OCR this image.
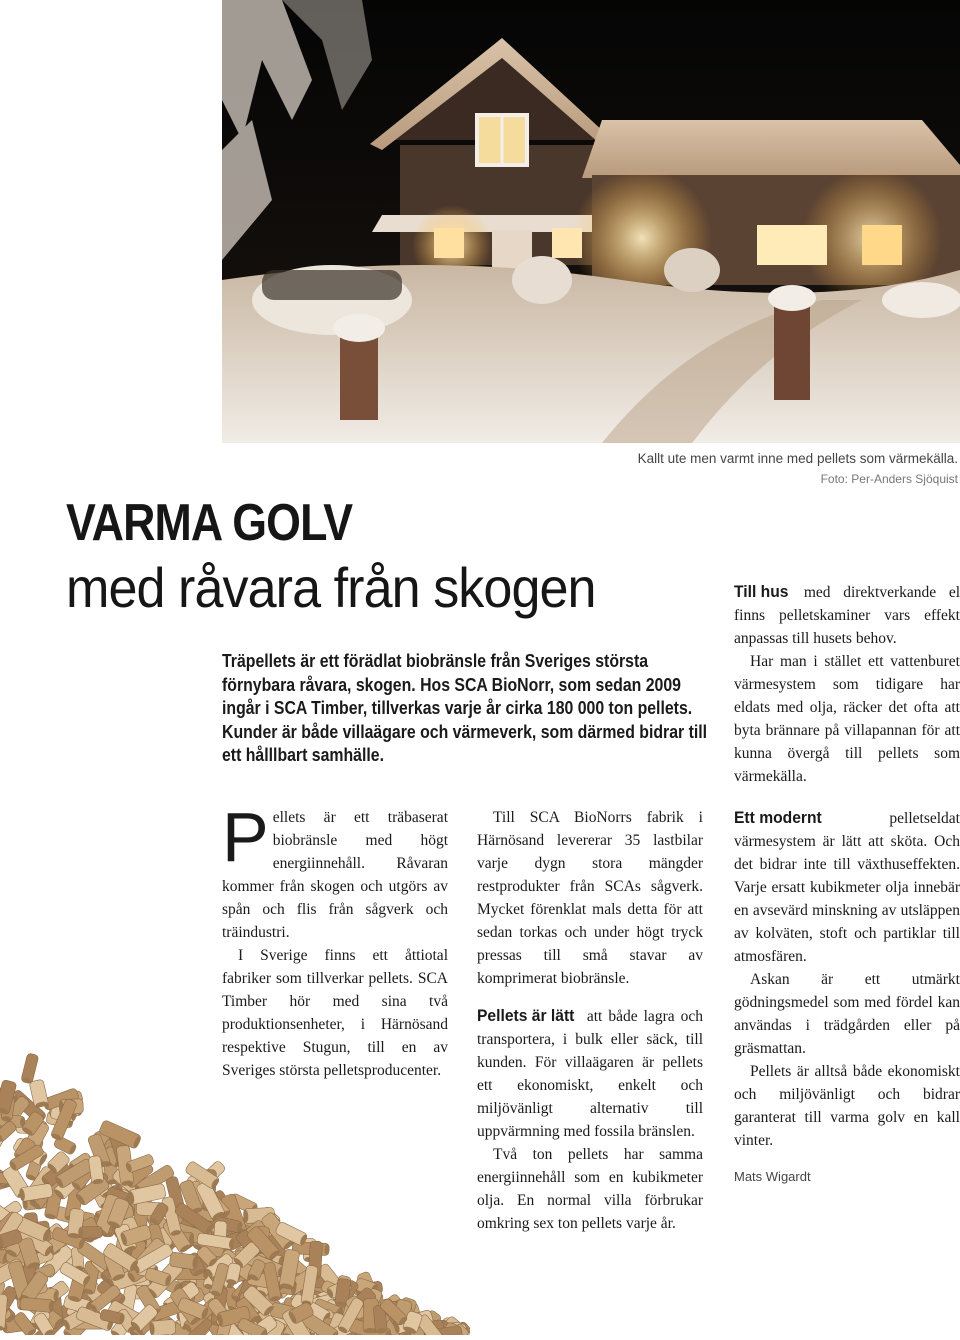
Kallt ute men varmt inne med pellets som värmekälla.
Foto: Per-Anders Sjöquist
VARMA GOLV
med råvara från skogen
Träpellets är ett förädlat biobränsle från Sveriges största förnybara råvara, skogen. Hos SCA BioNorr, som sedan 2009 ingår i SCA Timber, tillverkas varje år cirka 180 000 ton pellets. Kunder är både villaägare och värmeverk, som därmed bidrar till ett hålllbart samhälle.

Till hus med direktverkande el finns pelletskaminer vars effekt anpassas till husets behov.

Har man i stället ett vattenburet värmesystem som tidigare har eldats med olja, räcker det ofta att byta brännare på villapannan för att kunna övergå till pellets som värmekälla.

Pellets är ett träbaserat biobränsle med högt energiinnehåll. Råvaran kommer från skogen och utgörs av spån och flis från sågverk och träindustri.

I Sverige finns ett åttiotal fabriker som tillverkar pellets. SCA Timber hör med sina två produktionsenheter, i Härnösand respektive Stugun, till en av Sveriges största pelletsproducenter.

Till SCA BioNorrs fabrik i Härnösand levererar 35 lastbilar varje dygn stora mängder restprodukter från SCAs sågverk. Mycket förenklat mals detta för att sedan torkas och under högt tryck pressas till små stavar av komprimerat biobränsle.

Pellets är lätt att både lagra och transportera, i bulk eller säck, till kunden. För villaägaren är pellets ett ekonomiskt, enkelt och miljövänligt alternativ till uppvärmning med fossila bränslen.

Två ton pellets har samma energiinnehåll som en kubikmeter olja. En normal villa förbrukar omkring sex ton pellets varje år.

Ett modernt	pelletseldat värmesystem är lätt att sköta. Och det bidrar inte till växthuseffekten. Varje ersatt kubikmeter olja innebär en avsevärd minskning av utsläppen av kolväten, stoft och partiklar till atmosfären.

Askan är ett utmärkt gödningsmedel som med fördel kan användas i trädgården eller på gräsmattan.

Pellets är alltså både ekonomiskt och miljövänligt och bidrar garanterat till varma golv en kall vinter.

Mats Wigardt
